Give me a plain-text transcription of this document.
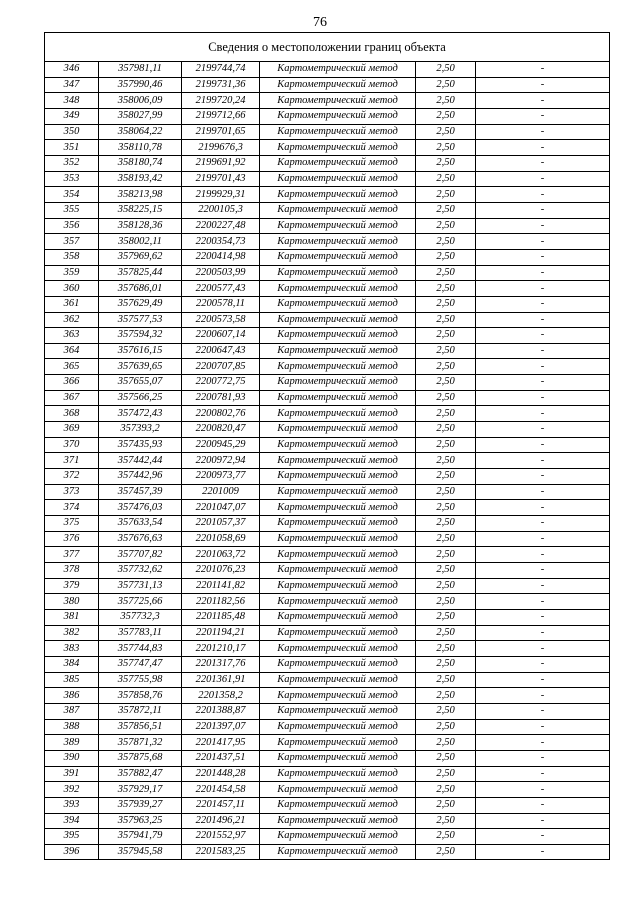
76
Сведения о местоположении границ объекта					
346	357981,11	2199744,74	Картометрический метод	2,50	-
347	357990,46	2199731,36	Картометрический метод	2,50	-
348	358006,09	2199720,24	Картометрический метод	2,50	-
349	358027,99	2199712,66	Картометрический метод	2,50	-
350	358064,22	2199701,65	Картометрический метод	2,50	-
351	358110,78	2199676,3	Картометрический метод	2,50	-
352	358180,74	2199691,92	Картометрический метод	2,50	-
353	358193,42	2199701,43	Картометрический метод	2,50	-
354	358213,98	2199929,31	Картометрический метод	2,50	-
355	358225,15	2200105,3	Картометрический метод	2,50	-
356	358128,36	2200227,48	Картометрический метод	2,50	-
357	358002,11	2200354,73	Картометрический метод	2,50	-
358	357969,62	2200414,98	Картометрический метод	2,50	-
359	357825,44	2200503,99	Картометрический метод	2,50	-
360	357686,01	2200577,43	Картометрический метод	2,50	-
361	357629,49	2200578,11	Картометрический метод	2,50	-
362	357577,53	2200573,58	Картометрический метод	2,50	-
363	357594,32	2200607,14	Картометрический метод	2,50	-
364	357616,15	2200647,43	Картометрический метод	2,50	-
365	357639,65	2200707,85	Картометрический метод	2,50	-
366	357655,07	2200772,75	Картометрический метод	2,50	-
367	357566,25	2200781,93	Картометрический метод	2,50	-
368	357472,43	2200802,76	Картометрический метод	2,50	-
369	357393,2	2200820,47	Картометрический метод	2,50	-
370	357435,93	2200945,29	Картометрический метод	2,50	-
371	357442,44	2200972,94	Картометрический метод	2,50	-
372	357442,96	2200973,77	Картометрический метод	2,50	-
373	357457,39	2201009	Картометрический метод	2,50	-
374	357476,03	2201047,07	Картометрический метод	2,50	-
375	357633,54	2201057,37	Картометрический метод	2,50	-
376	357676,63	2201058,69	Картометрический метод	2,50	-
377	357707,82	2201063,72	Картометрический метод	2,50	-
378	357732,62	2201076,23	Картометрический метод	2,50	-
379	357731,13	2201141,82	Картометрический метод	2,50	-
380	357725,66	2201182,56	Картометрический метод	2,50	-
381	357732,3	2201185,48	Картометрический метод	2,50	-
382	357783,11	2201194,21	Картометрический метод	2,50	-
383	357744,83	2201210,17	Картометрический метод	2,50	-
384	357747,47	2201317,76	Картометрический метод	2,50	-
385	357755,98	2201361,91	Картометрический метод	2,50	-
386	357858,76	2201358,2	Картометрический метод	2,50	-
387	357872,11	2201388,87	Картометрический метод	2,50	-
388	357856,51	2201397,07	Картометрический метод	2,50	-
389	357871,32	2201417,95	Картометрический метод	2,50	-
390	357875,68	2201437,51	Картометрический метод	2,50	-
391	357882,47	2201448,28	Картометрический метод	2,50	-
392	357929,17	2201454,58	Картометрический метод	2,50	-
393	357939,27	2201457,11	Картометрический метод	2,50	-
394	357963,25	2201496,21	Картометрический метод	2,50	-
395	357941,79	2201552,97	Картометрический метод	2,50	-
396	357945,58	2201583,25	Картометрический метод	2,50	-
